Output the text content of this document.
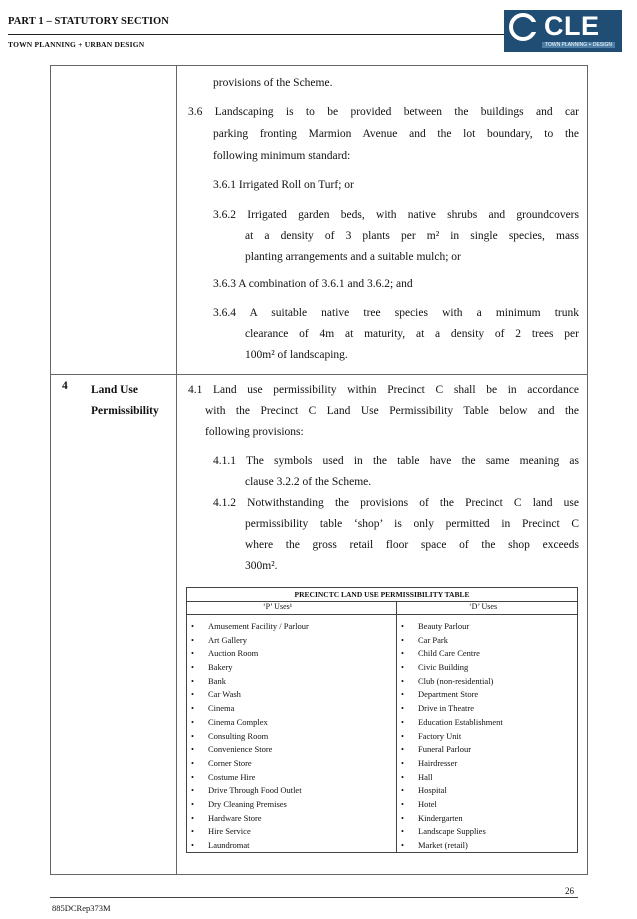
PART 1 – STATUTORY SECTION
TOWN PLANNING + URBAN DESIGN
CLE
TOWN PLANNING + DESIGN
provisions of the Scheme.
3.6 Landscaping is to be provided between the buildings and car
parking fronting Marmion Avenue and the lot boundary, to the
following minimum standard:
3.6.1 Irrigated Roll on Turf; or
3.6.2 Irrigated garden beds, with native shrubs and groundcovers
at a density of 3 plants per m² in single species, mass
planting arrangements and a suitable mulch; or
3.6.3 A combination of 3.6.1 and 3.6.2; and
3.6.4 A suitable native tree species with a minimum trunk
clearance of 4m at maturity, at a density of 2 trees per
100m² of landscaping.
4 Land Use
Permissibility
4.1 Land use permissibility within Precinct C shall be in accordance
with the Precinct C Land Use Permissibility Table below and the
following provisions:
4.1.1 The symbols used in the table have the same meaning as
clause 3.2.2 of the Scheme.
4.1.2 Notwithstanding the provisions of the Precinct C land use
permissibility table ‘shop’ is only permitted in Precinct C
where the gross retail floor space of the shop exceeds
300m².
PRECINCTC LAND USE PERMISSIBILITY TABLE
‘P’ Uses¹	‘D’ Uses
• Amusement Facility / Parlour
• Art Gallery
• Auction Room
• Bakery
• Bank
• Car Wash
• Cinema
• Cinema Complex
• Consulting Room
• Convenience Store
• Corner Store
• Costume Hire
• Drive Through Food Outlet
• Dry Cleaning Premises
• Hardware Store
• Hire Service
• Laundromat
• Beauty Parlour
• Car Park
• Child Care Centre
• Civic Building
• Club (non-residential)
• Department Store
• Drive in Theatre
• Education Establishment
• Factory Unit
• Funeral Parlour
• Hairdresser
• Hall
• Hospital
• Hotel
• Kindergarten
• Landscape Supplies
• Market (retail)
26
885DCRep373M
